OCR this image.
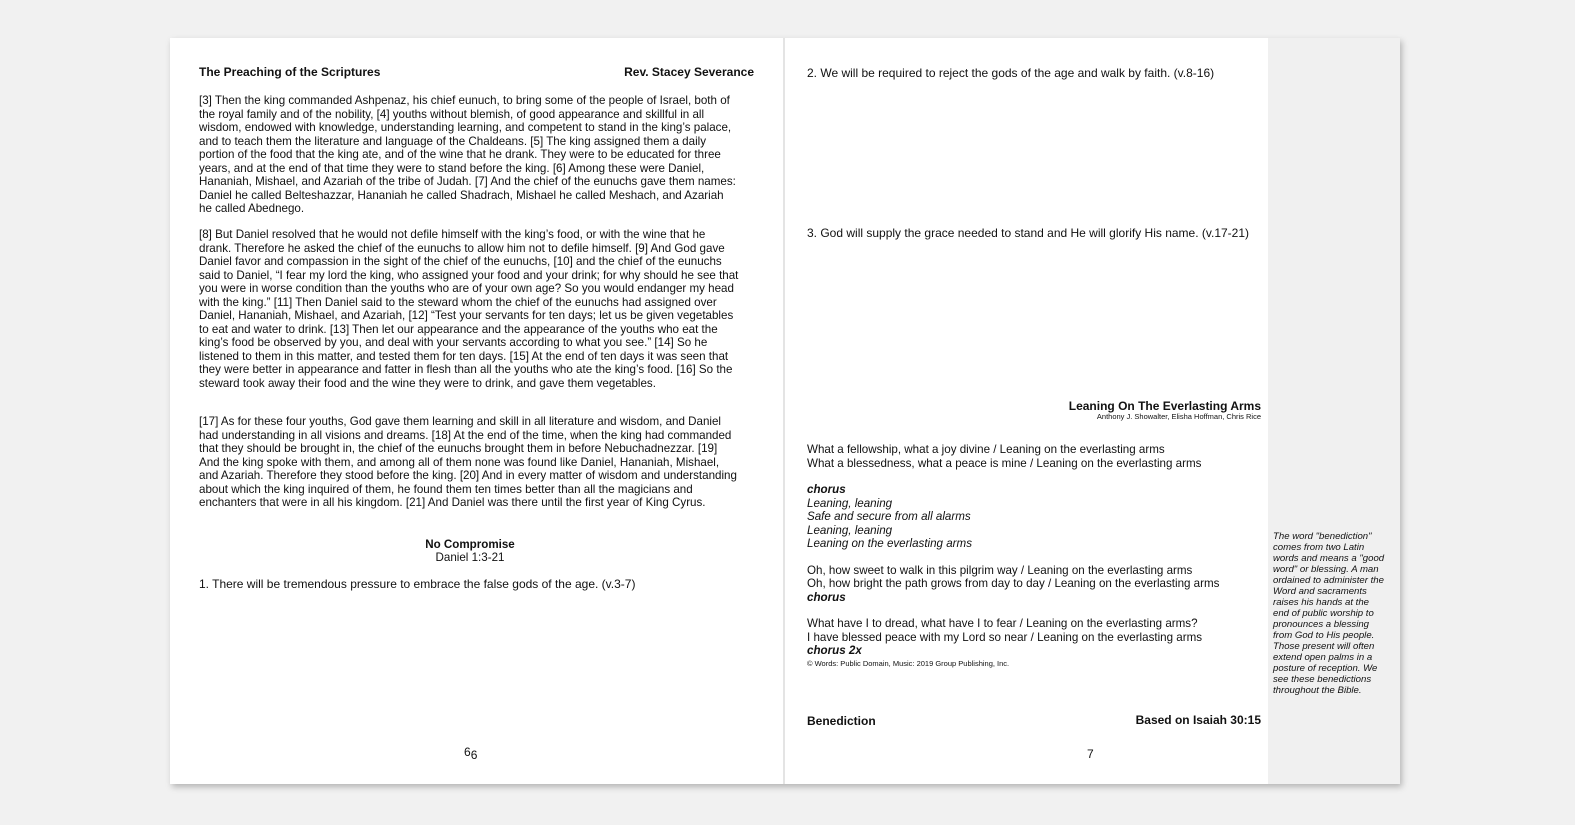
The Preaching of the Scriptures	Rev. Stacey Severance

[3] Then the king commanded Ashpenaz, his chief eunuch, to bring some of the people of Israel, both of the royal family and of the nobility, [4] youths without blemish, of good appearance and skillful in all wisdom, endowed with knowledge, understanding learning, and competent to stand in the king’s palace, and to teach them the literature and language of the Chaldeans. [5] The king assigned them a daily portion of the food that the king ate, and of the wine that he drank. They were to be educated for three years, and at the end of that time they were to stand before the king. [6] Among these were Daniel, Hananiah, Mishael, and Azariah of the tribe of Judah. [7] And the chief of the eunuchs gave them names: Daniel he called Belteshazzar, Hananiah he called Shadrach, Mishael he called Meshach, and Azariah he called Abednego.

[8] But Daniel resolved that he would not defile himself with the king’s food, or with the wine that he drank. Therefore he asked the chief of the eunuchs to allow him not to defile himself. [9] And God gave Daniel favor and compassion in the sight of the chief of the eunuchs, [10] and the chief of the eunuchs said to Daniel, “I fear my lord the king, who assigned your food and your drink; for why should he see that you were in worse condition than the youths who are of your own age? So you would endanger my head with the king.” [11] Then Daniel said to the steward whom the chief of the eunuchs had assigned over Daniel, Hananiah, Mishael, and Azariah, [12] “Test your servants for ten days; let us be given vegetables to eat and water to drink. [13] Then let our appearance and the appearance of the youths who eat the king’s food be observed by you, and deal with your servants according to what you see.” [14] So he listened to them in this matter, and tested them for ten days. [15] At the end of ten days it was seen that they were better in appearance and fatter in flesh than all the youths who ate the king’s food. [16] So the steward took away their food and the wine they were to drink, and gave them vegetables.

[17] As for these four youths, God gave them learning and skill in all literature and wisdom, and Daniel had understanding in all visions and dreams. [18] At the end of the time, when the king had commanded that they should be brought in, the chief of the eunuchs brought them in before Nebuchadnezzar. [19] And the king spoke with them, and among all of them none was found like Daniel, Hananiah, Mishael, and Azariah. Therefore they stood before the king. [20] And in every matter of wisdom and understanding about which the king inquired of them, he found them ten times better than all the magicians and enchanters that were in all his kingdom. [21] And Daniel was there until the first year of King Cyrus.

No Compromise
Daniel 1:3-21
1. There will be tremendous pressure to embrace the false gods of the age. (v.3-7)
66
2. We will be required to reject the gods of the age and walk by faith. (v.8-16)
3. God will supply the grace needed to stand and He will glorify His name. (v.17-21)
Leaning On The Everlasting Arms
Anthony J. Showalter, Elisha Hoffman, Chris Rice
What a fellowship, what a joy divine / Leaning on the everlasting arms
What a blessedness, what a peace is mine / Leaning on the everlasting arms
chorus
Leaning, leaning
Safe and secure from all alarms
Leaning, leaning
Leaning on the everlasting arms
Oh, how sweet to walk in this pilgrim way / Leaning on the everlasting arms
Oh, how bright the path grows from day to day / Leaning on the everlasting arms
chorus
What have I to dread, what have I to fear / Leaning on the everlasting arms?
I have blessed peace with my Lord so near / Leaning on the everlasting arms
chorus 2x
© Words: Public Domain, Music: 2019 Group Publishing, Inc.
Benediction	Based on Isaiah 30:15
7
The word "benediction" comes from two Latin words and means a "good word" or blessing. A man ordained to administer the Word and sacraments raises his hands at the end of public worship to pronounces a blessing from God to His people. Those present will often extend open palms in a posture of reception. We see these benedictions throughout the Bible.
